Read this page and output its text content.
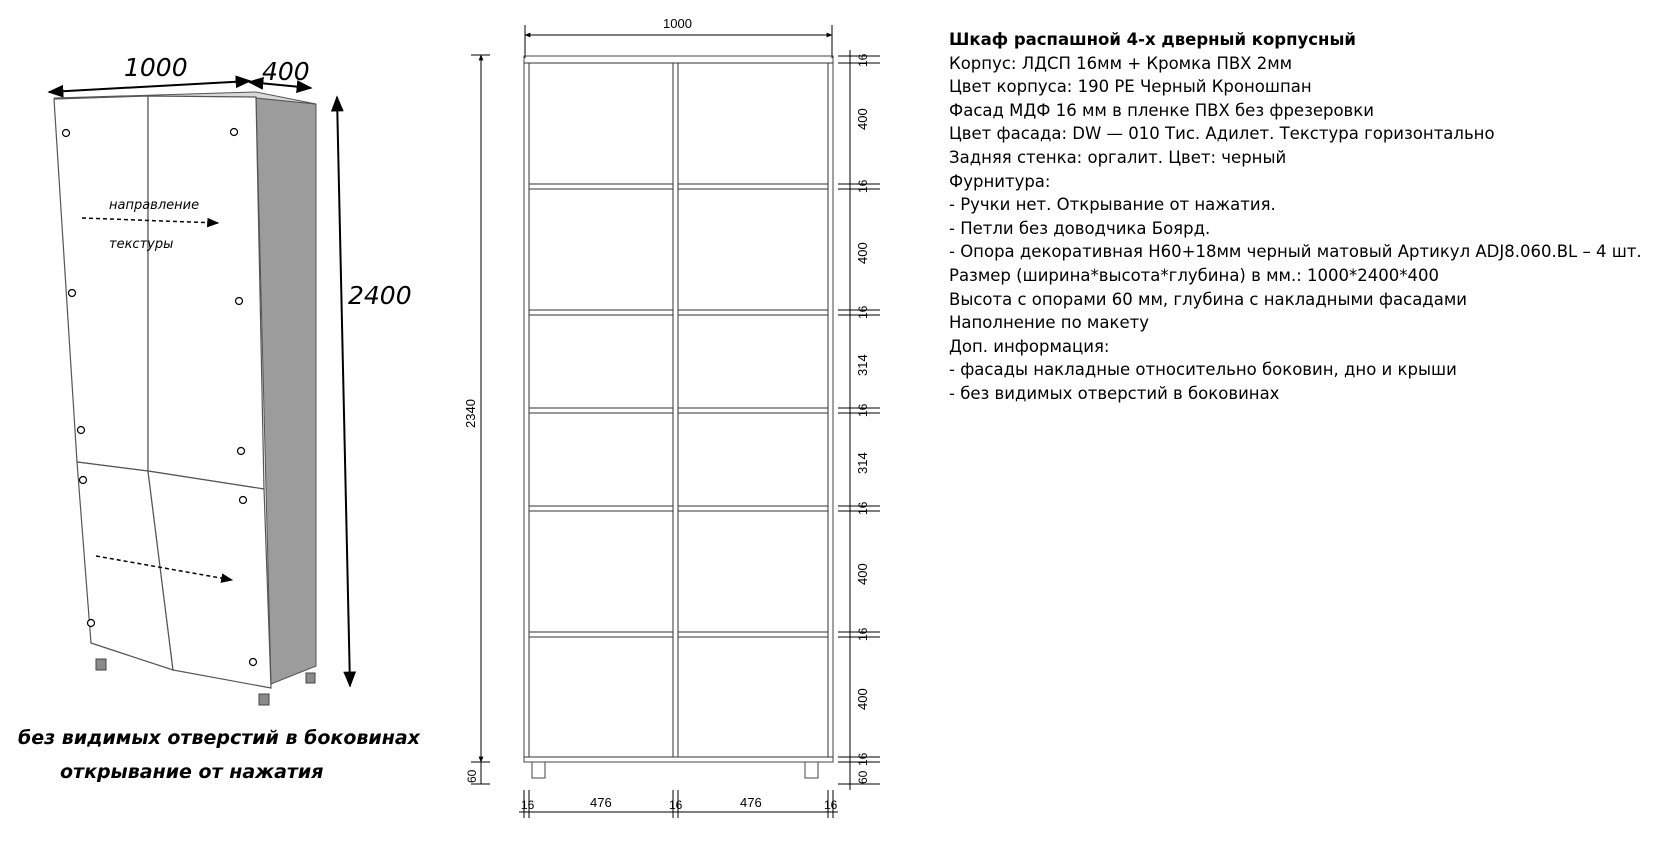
направление
текстуры
1000	400
2400
без видимых отверстий в боковинах
открывание от нажатия
1000
2340
60
16
400
16
400
16
314
16
314
16
400
16
400
16
60
16	476	16	476	16
Шкаф распашной 4-х дверный корпусный
Корпус: ЛДСП 16мм + Кромка ПВХ 2мм
Цвет корпуса: 190 PE Черный Кроношпан
Фасад МДФ 16 мм в пленке ПВХ без фрезеровки
Цвет фасада: DW — 010 Тис. Адилет. Текстура горизонтально
Задняя стенка: оргалит. Цвет: черный
Фурнитура:
- Ручки нет. Открывание от нажатия.
- Петли без доводчика Боярд.
- Опора декоративная H60+18мм черный матовый Артикул ADJ8.060.BL – 4 шт.
Размер (ширина*высота*глубина) в мм.: 1000*2400*400
Высота с опорами 60 мм, глубина с накладными фасадами
Наполнение по макету
Доп. информация:
- фасады накладные относительно боковин, дно и крыши
- без видимых отверстий в боковинах
